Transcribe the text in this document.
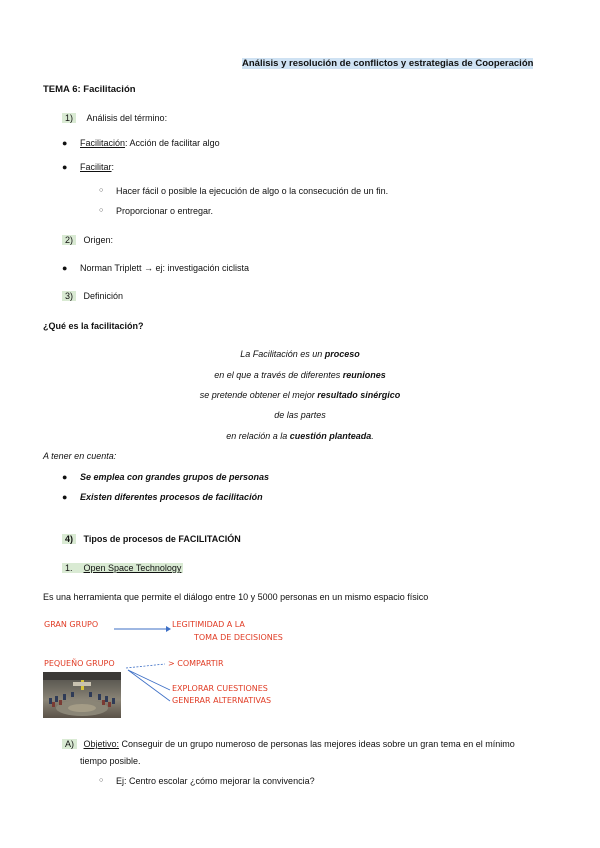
Análisis y resolución de conflictos y estrategias de Cooperación
TEMA 6: Facilitación
1) Análisis del término:
● Facilitación: Acción de facilitar algo
● Facilitar:
○ Hacer fácil o posible la ejecución de algo o la consecución de un fin.
○ Proporcionar o entregar.
2) Origen:
● Norman Triplett → ej: investigación ciclista
3) Definición
¿Qué es la facilitación?
La Facilitación es un proceso
en el que a través de diferentes reuniones
se pretende obtener el mejor resultado sinérgico
de las partes
en relación a la cuestión planteada.
A tener en cuenta:
● Se emplea con grandes grupos de personas
● Existen diferentes procesos de facilitación
4) Tipos de procesos de FACILITACIÓN
1. Open Space Technology
Es una herramienta que permite el diálogo entre 10 y 5000 personas en un mismo espacio físico
GRAN GRUPO	LEGITIMIDAD A LA
TOMA DE DECISIONES
PEQUEÑO GRUPO	> COMPARTIR
EXPLORAR CUESTIONES
GENERAR ALTERNATIVAS
A) Objetivo: Conseguir de un grupo numeroso de personas las mejores ideas sobre un gran tema en el mínimo
tiempo posible.
○ Ej: Centro escolar ¿cómo mejorar la convivencia?
